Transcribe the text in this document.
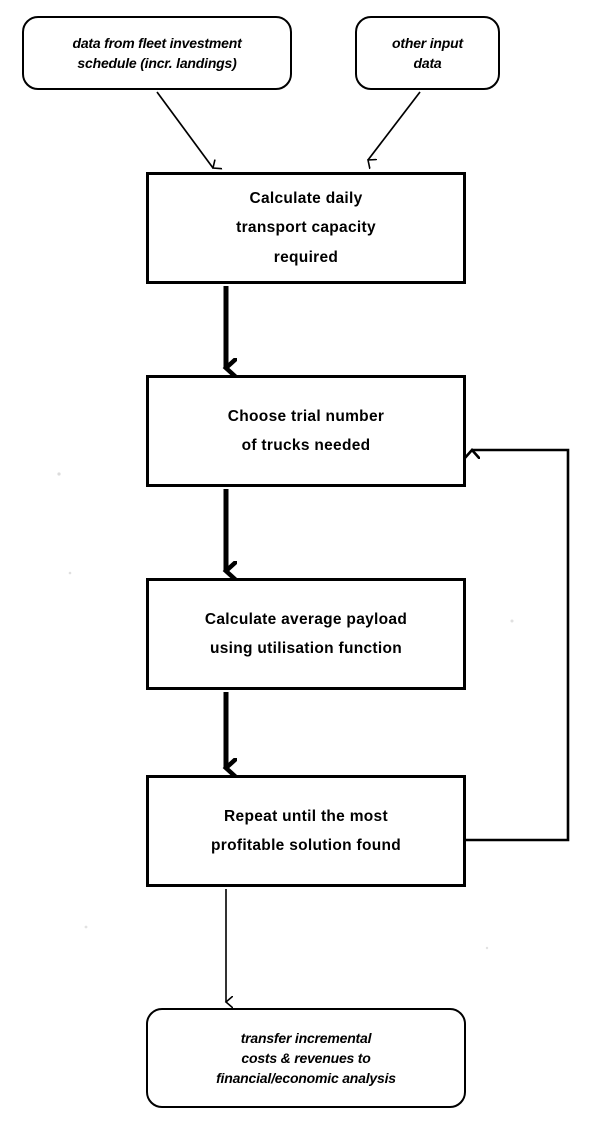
data from fleet investment
schedule (incr. landings)
other input
data
Calculate daily
transport capacity
required
Choose trial number
of trucks needed
Calculate average payload
using utilisation function
Repeat until the most
profitable solution found
transfer incremental
costs & revenues to
financial/economic analysis
